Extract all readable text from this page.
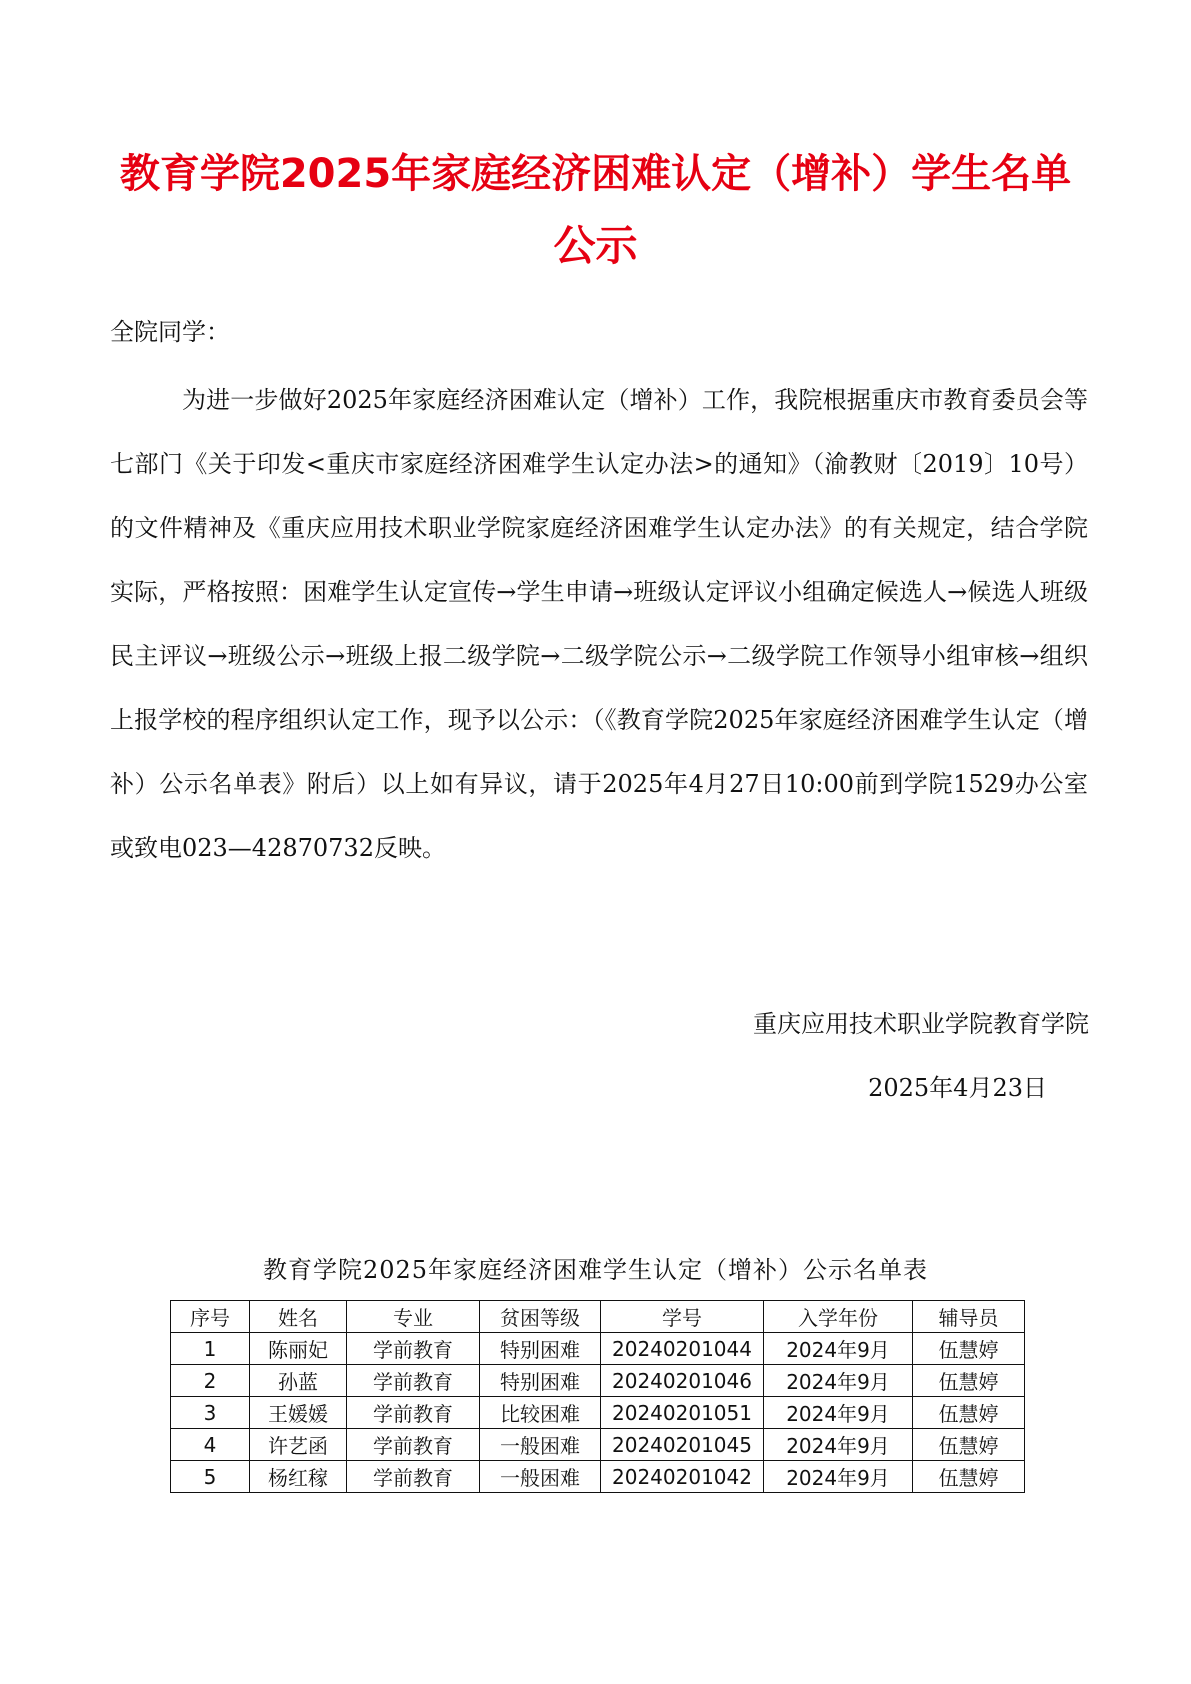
教育学院2025年家庭经济困难认定（增补）学生名单
公示

全院同学：

为进一步做好2025年家庭经济困难认定（增补）工作，我院根据重庆市教育委员会等七部门《关于印发<重庆市家庭经济困难学生认定办法>的通知》（渝教财〔2019〕10号）的文件精神及《重庆应用技术职业学院家庭经济困难学生认定办法》的有关规定，结合学院实际，严格按照：困难学生认定宣传→学生申请→班级认定评议小组确定候选人→候选人班级民主评议→班级公示→班级上报二级学院→二级学院公示→二级学院工作领导小组审核→组织上报学校的程序组织认定工作，现予以公示：（《教育学院2025年家庭经济困难学生认定（增补）公示名单表》附后）以上如有异议，请于2025年4月27日10:00前到学院1529办公室或致电023—42870732反映。

重庆应用技术职业学院教育学院

2025年4月23日

教育学院2025年家庭经济困难学生认定（增补）公示名单表

序号	姓名	专业	贫困等级	学号	入学年份	辅导员
1	陈丽妃	学前教育	特别困难	20240201044	2024年9月	伍慧婷
2	孙蓝	学前教育	特别困难	20240201046	2024年9月	伍慧婷
3	王媛媛	学前教育	比较困难	20240201051	2024年9月	伍慧婷
4	许艺函	学前教育	一般困难	20240201045	2024年9月	伍慧婷
5	杨红稼	学前教育	一般困难	20240201042	2024年9月	伍慧婷
